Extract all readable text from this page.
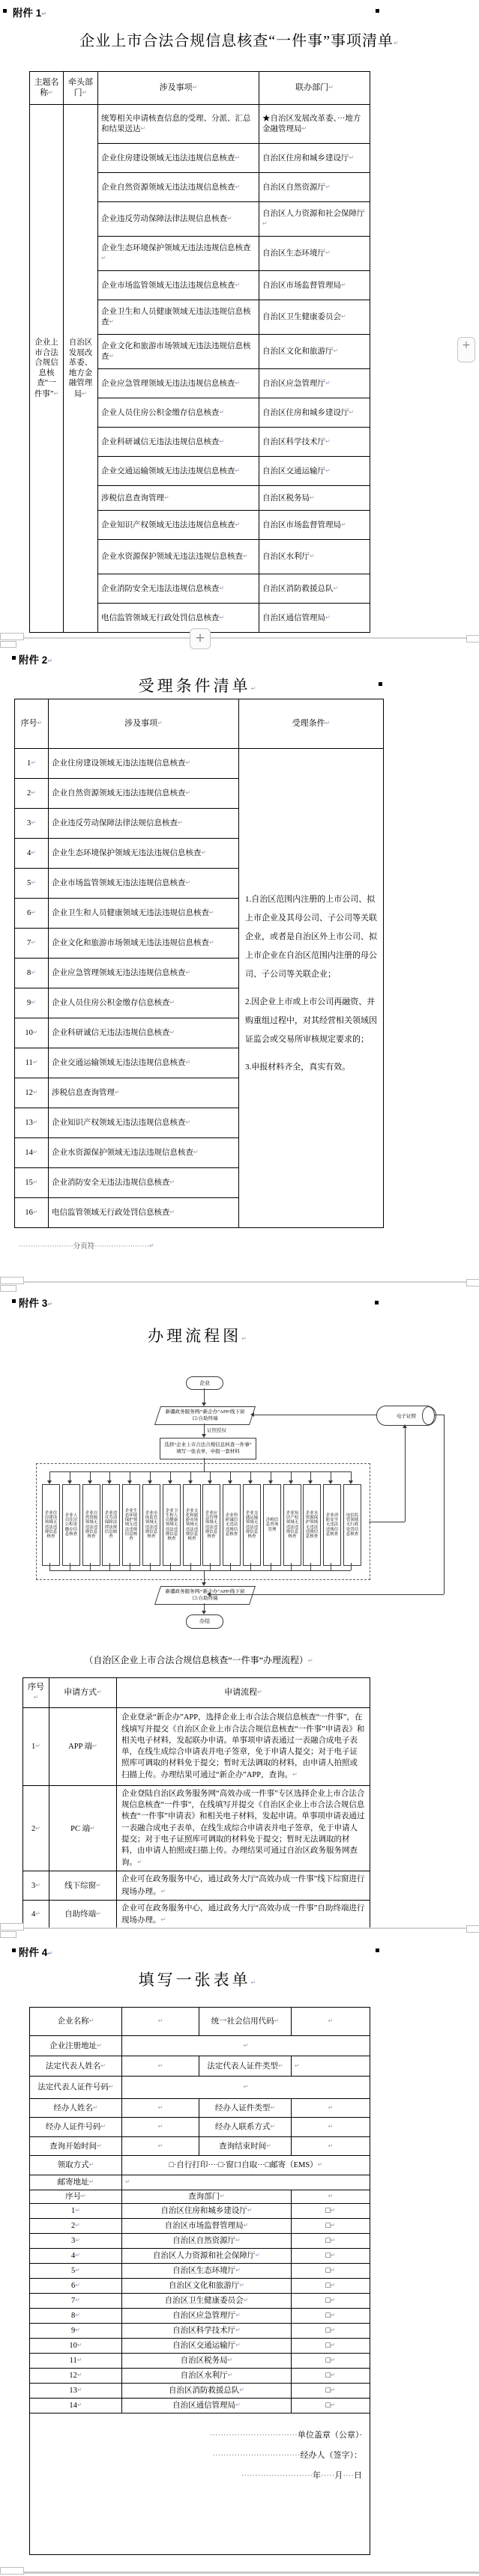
附件 1↵
企业上市合法合规信息核查“一件事”事项清单↵
主题名称↵	牵头部门↵	涉及事项↵	联办部门↵
企业上市合法合规信息核查“一件事”↵	自治区发展改革委、地方金融管理局↵	统筹相关申请核查信息的受理、分派、汇总和结果送达↵	★自治区发展改革委、···地方金融管理局↵
		企业住房建设领域无违法违规信息核查↵	自治区住房和城乡建设厅↵
		企业自然资源领域无违法违规信息核查↵	自治区自然资源厅↵
		企业违反劳动保障法律法规信息核查↵	自治区人力资源和社会保障厅↵
		企业生态环境保护领域无违法违规信息核查↵	自治区生态环境厅↵
		企业市场监管领域无违法违规信息核查↵	自治区市场监督管理局↵
		企业卫生和人员健康领域无违法违规信息核查↵	自治区卫生健康委员会↵
		企业文化和旅游市场领域无违法违规信息核查↵	自治区文化和旅游厅↵
		企业应急管理领域无违法违规信息核查↵	自治区应急管理厅↵
		企业人员住房公积金缴存信息核查↵	自治区住房和城乡建设厅↵
		企业科研诚信无违法违规信息核查↵	自治区科学技术厅↵
		企业交通运输领域无违法违规信息核查↵	自治区交通运输厅↵
		涉税信息查询管理↵	自治区税务局↵
		企业知识产权领域无违法违规信息核查↵	自治区市场监督管理局↵
		企业水资源保护领域无违法违规信息核查↵	自治区水利厅↵
		企业消防安全无违法违规信息核查↵	自治区消防救援总队↵
		电信监管领域无行政处罚信息核查↵	自治区通信管理局↵
+
+
附件 2↵
受理条件清单↵
序号↵	涉及事项↵	受理条件↵
1↵	企业住房建设领域无违法违规信息核查↵	1.自治区范围内注册的上市公司、拟上市企业及其母公司、子公司等关联企业，或者是自治区外上市公司、拟上市企业在自治区范围内注册的母公司、子公司等关联企业；
2.因企业上市或上市公司再融资、并购重组过程中，对其经营相关领域因证监会或交易所审核规定要求的；
3.申报材料齐全，真实有效。

2↵	企业自然资源领域无违法违规信息核查↵	
3↵	企业违反劳动保障法律法规信息核查↵	
4↵	企业生态环境保护领域无违法违规信息核查↵	
5↵	企业市场监管领域无违法违规信息核查↵	
6↵	企业卫生和人员健康领域无违法违规信息核查↵	
7↵	企业文化和旅游市场领域无违法违规信息核查↵	
8↵	企业应急管理领域无违法违规信息核查↵	
9↵	企业人员住房公积金缴存信息核查↵	
10↵	企业科研诚信无违法违规信息核查↵	
11↵	企业交通运输领域无违法违规信息核查↵	
12↵	涉税信息查询管理↵	
13↵	企业知识产权领域无违法违规信息核查↵	
14↵	企业水资源保护领域无违法违规信息核查↵	
15↵	企业消防安全无违法违规信息核查↵	
16↵	电信监管领域无行政处罚信息核查↵	
·······················分页符·······················↵
附件 3↵
办理流程图↵
企业
新疆政务服务网/“新企办”APP/线下窗口/自助终端
证照授权
选择“企业上市合法合规信息核查一件事”
填写一张表单，申报一套材料
企业住房建设领域无违法违规信息核查
企业人员住房公积金缴存信息核查
企业自然资源领域无违法违规信息核查
企业违反劳动保障法律法规信息核查
企业生态环境保护领域无违法违规信息核查
企业市场监管领域无违法违规信息核查
企业卫生和人员健康领域无违法违规信息核查
企业文化和旅游市场领域无违法违规信息核查
企业应急管理领域无违法违规信息核查
企业科研诚信无违法违规信息核查
企业交通运输领域无违法违规信息核查
涉税信息查询管理
企业知识产权领域无违法违规信息核查
企业水资源保护领域无违法违规信息核查
企业消防安全无违法违规信息核查
电信监管领域无行政处罚信息核查
新疆政务服务网/“新企办”APP/线下窗口/自助终端
办结
电子证照
（自治区企业上市合法合规信息核查“一件事”办理流程）↵
序号↵	申请方式↵	申请流程↵
1↵	APP 端↵	企业登录“新企办”APP，选择企业上市合法合规信息核查“一件事”，在线填写并提交《自治区企业上市合法合规信息核查“一件事”申请表》和相关电子材料，发起联办申请。单事项申请表通过一表融合成电子表单，在线生成综合申请表并电子签章，免于申请人提交；对于电子证照库可调取的材料免于提交；暂时无法调取的材料，由申请人拍照或扫描上传。办理结果可通过“新企办”APP，查询。↵
2↵	PC 端↵	企业登陆自治区政务服务网“高效办成一件事”专区选择企业上市合法合规信息核查“一件事”，在线填写并提交《自治区企业上市合法合规信息核查“一件事”申请表》和相关电子材料，发起申请。单事项申请表通过一表融合成电子表单，在线生成综合申请表并电子签章，免于申请人提交；对于电子证照库可调取的材料免于提交；暂时无法调取的材料，由申请人拍照或扫描上传。办理结果可通过自治区政务服务网查询。↵
3↵	线下综窗↵	企业可在政务服务中心，通过政务大厅“高效办成一件事”线下综窗进行现场办理。↵
4↵	自助终端↵	企业可在政务服务中心，通过政务大厅“高效办成一件事”自助终端进行现场办理。↵
附件 4↵
填写一张表单↵
企业名称↵	↵	统一社会信用代码↵	↵
企业注册地址↵	↵		
法定代表人姓名↵	↵	法定代表人证件类型↵	↵
法定代表人证件号码↵	↵		
经办人姓名↵	↵	经办人证件类型↵	↵
经办人证件号码↵	↵	经办人联系方式↵	↵
查询开始时间↵	↵	查询结束时间↵	↵
领取方式↵	□·自行打印····□·窗口自取···□邮寄（EMS）↵		
邮寄地址↵	↵		
序号↵	查询部门↵		↵
1↵	自治区住房和城乡建设厅↵		□↵
2↵	自治区市场监督管理局↵		□↵
3↵	自治区自然资源厅↵		□↵
4↵	自治区人力资源和社会保障厅↵		□↵
5↵	自治区生态环境厅↵		□↵
6↵	自治区文化和旅游厅↵		□↵
7↵	自治区卫生健康委员会↵		□↵
8↵	自治区应急管理厅↵		□↵
9↵	自治区科学技术厅↵		□↵
10↵	自治区交通运输厅↵		□↵
11↵	自治区税务局↵		□↵
12↵	自治区水利厅↵		□↵
13↵	自治区消防救援总队↵		□↵
14↵	自治区通信管理局↵		□↵

································单位盖章（公章）·
································经办人（签字）：
··························年·····月····日			
